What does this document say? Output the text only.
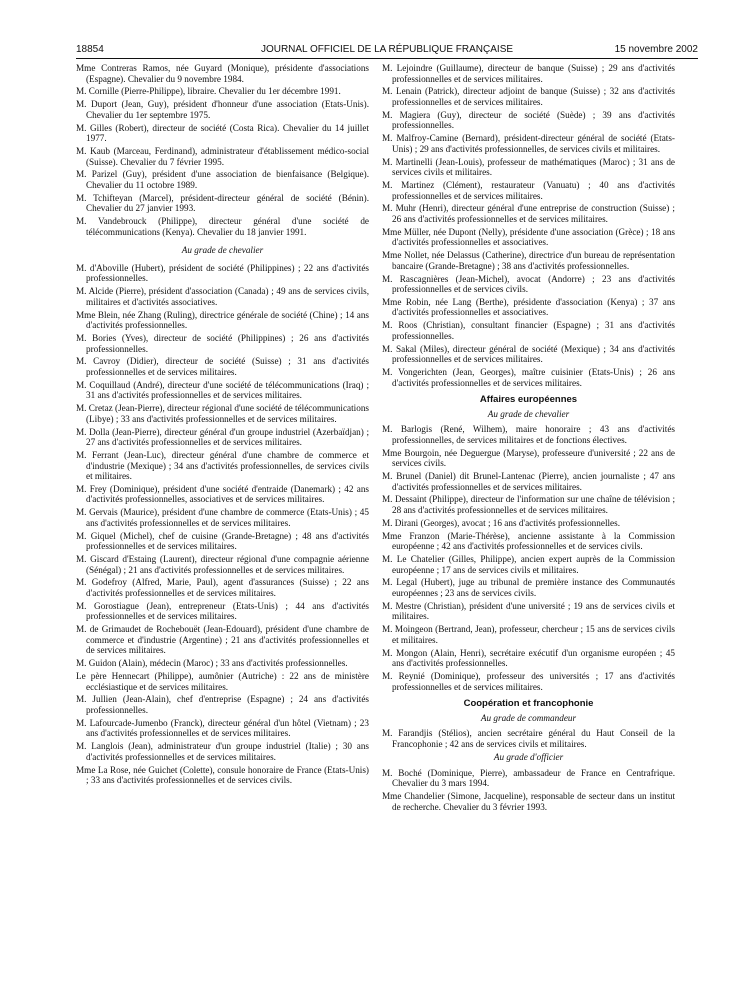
18854	JOURNAL OFFICIEL DE LA RÉPUBLIQUE FRANÇAISE	15 novembre 2002
Mme Contreras Ramos, née Guyard (Monique), présidente d'associations (Espagne). Chevalier du 9 novembre 1984.
M. Cornille (Pierre-Philippe), libraire. Chevalier du 1er décembre 1991.
M. Duport (Jean, Guy), président d'honneur d'une association (Etats-Unis). Chevalier du 1er septembre 1975.
M. Gilles (Robert), directeur de société (Costa Rica). Chevalier du 14 juillet 1977.
M. Kaub (Marceau, Ferdinand), administrateur d'établissement médico-social (Suisse). Chevalier du 7 février 1995.
M. Parizel (Guy), président d'une association de bienfaisance (Belgique). Chevalier du 11 octobre 1989.
M. Tchifteyan (Marcel), président-directeur général de société (Bénin). Chevalier du 27 janvier 1993.
M. Vandebrouck (Philippe), directeur général d'une société de télécommunications (Kenya). Chevalier du 18 janvier 1991.
Au grade de chevalier
M. d'Aboville (Hubert), président de société (Philippines) ; 22 ans d'activités professionnelles.
M. Alcide (Pierre), président d'association (Canada) ; 49 ans de services civils, militaires et d'activités associatives.
Mme Blein, née Zhang (Ruling), directrice générale de société (Chine) ; 14 ans d'activités professionnelles.
M. Bories (Yves), directeur de société (Philippines) ; 26 ans d'activités professionnelles.
M. Cavroy (Didier), directeur de société (Suisse) ; 31 ans d'activités professionnelles et de services militaires.
M. Coquillaud (André), directeur d'une société de télécommunications (Iraq) ; 31 ans d'activités professionnelles et de services militaires.
M. Cretaz (Jean-Pierre), directeur régional d'une société de télécommunications (Libye) ; 33 ans d'activités professionnelles et de services militaires.
M. Dolla (Jean-Pierre), directeur général d'un groupe industriel (Azerbaïdjan) ; 27 ans d'activités professionnelles et de services militaires.
M. Ferrant (Jean-Luc), directeur général d'une chambre de commerce et d'industrie (Mexique) ; 34 ans d'activités professionnelles, de services civils et militaires.
M. Frey (Dominique), président d'une société d'entraide (Danemark) ; 42 ans d'activités professionnelles, associatives et de services militaires.
M. Gervais (Maurice), président d'une chambre de commerce (Etats-Unis) ; 45 ans d'activités professionnelles et de services militaires.
M. Giquel (Michel), chef de cuisine (Grande-Bretagne) ; 48 ans d'activités professionnelles et de services militaires.
M. Giscard d'Estaing (Laurent), directeur régional d'une compagnie aérienne (Sénégal) ; 21 ans d'activités professionnelles et de services militaires.
M. Godefroy (Alfred, Marie, Paul), agent d'assurances (Suisse) ; 22 ans d'activités professionnelles et de services militaires.
M. Gorostiague (Jean), entrepreneur (Etats-Unis) ; 44 ans d'activités professionnelles et de services militaires.
M. de Grimaudet de Rochebouët (Jean-Edouard), président d'une chambre de commerce et d'industrie (Argentine) ; 21 ans d'activités professionnelles et de services militaires.
M. Guidon (Alain), médecin (Maroc) ; 33 ans d'activités professionnelles.
Le père Hennecart (Philippe), aumônier (Autriche) : 22 ans de ministère ecclésiastique et de services militaires.
M. Jullien (Jean-Alain), chef d'entreprise (Espagne) ; 24 ans d'activités professionnelles.
M. Lafourcade-Jumenbo (Franck), directeur général d'un hôtel (Vietnam) ; 23 ans d'activités professionnelles et de services militaires.
M. Langlois (Jean), administrateur d'un groupe industriel (Italie) ; 30 ans d'activités professionnelles et de services militaires.
Mme La Rose, née Guichet (Colette), consule honoraire de France (Etats-Unis) ; 33 ans d'activités professionnelles et de services civils.
M. Lejoindre (Guillaume), directeur de banque (Suisse) ; 29 ans d'activités professionnelles et de services militaires.
M. Lenain (Patrick), directeur adjoint de banque (Suisse) ; 32 ans d'activités professionnelles et de services militaires.
M. Magiera (Guy), directeur de société (Suède) ; 39 ans d'activités professionnelles.
M. Malfroy-Camine (Bernard), président-directeur général de société (Etats-Unis) ; 29 ans d'activités professionnelles, de services civils et militaires.
M. Martinelli (Jean-Louis), professeur de mathématiques (Maroc) ; 31 ans de services civils et militaires.
M. Martinez (Clément), restaurateur (Vanuatu) ; 40 ans d'activités professionnelles et de services militaires.
M. Muhr (Henri), directeur général d'une entreprise de construction (Suisse) ; 26 ans d'activités professionnelles et de services militaires.
Mme Müller, née Dupont (Nelly), présidente d'une association (Grèce) ; 18 ans d'activités professionnelles et associatives.
Mme Nollet, née Delassus (Catherine), directrice d'un bureau de représentation bancaire (Grande-Bretagne) ; 38 ans d'activités professionnelles.
M. Rascagnières (Jean-Michel), avocat (Andorre) ; 23 ans d'activités professionnelles et de services civils.
Mme Robin, née Lang (Berthe), présidente d'association (Kenya) ; 37 ans d'activités professionnelles et associatives.
M. Roos (Christian), consultant financier (Espagne) ; 31 ans d'activités professionnelles.
M. Sakal (Miles), directeur général de société (Mexique) ; 34 ans d'activités professionnelles et de services militaires.
M. Vongerichten (Jean, Georges), maître cuisinier (Etats-Unis) ; 26 ans d'activités professionnelles et de services militaires.
Affaires européennes
Au grade de chevalier
M. Barlogis (René, Wilhem), maire honoraire ; 43 ans d'activités professionnelles, de services militaires et de fonctions électives.
Mme Bourgoin, née Deguergue (Maryse), professeure d'université ; 22 ans de services civils.
M. Brunel (Daniel) dit Brunel-Lantenac (Pierre), ancien journaliste ; 47 ans d'activités professionnelles et de services militaires.
M. Dessaint (Philippe), directeur de l'information sur une chaîne de télévision ; 28 ans d'activités professionnelles et de services militaires.
M. Dirani (Georges), avocat ; 16 ans d'activités professionnelles.
Mme Franzon (Marie-Thérèse), ancienne assistante à la Commission européenne ; 42 ans d'activités professionnelles et de services civils.
M. Le Chatelier (Gilles, Philippe), ancien expert auprès de la Commission européenne ; 17 ans de services civils et militaires.
M. Legal (Hubert), juge au tribunal de première instance des Communautés européennes ; 23 ans de services civils.
M. Mestre (Christian), président d'une université ; 19 ans de services civils et militaires.
M. Moingeon (Bertrand, Jean), professeur, chercheur ; 15 ans de services civils et militaires.
M. Mongon (Alain, Henri), secrétaire exécutif d'un organisme européen ; 45 ans d'activités professionnelles.
M. Reynié (Dominique), professeur des universités ; 17 ans d'activités professionnelles et de services militaires.
Coopération et francophonie
Au grade de commandeur
M. Farandjis (Stélios), ancien secrétaire général du Haut Conseil de la Francophonie ; 42 ans de services civils et militaires.
Au grade d'officier
M. Boché (Dominique, Pierre), ambassadeur de France en Centrafrique. Chevalier du 3 mars 1994.
Mme Chandelier (Simone, Jacqueline), responsable de secteur dans un institut de recherche. Chevalier du 3 février 1993.
